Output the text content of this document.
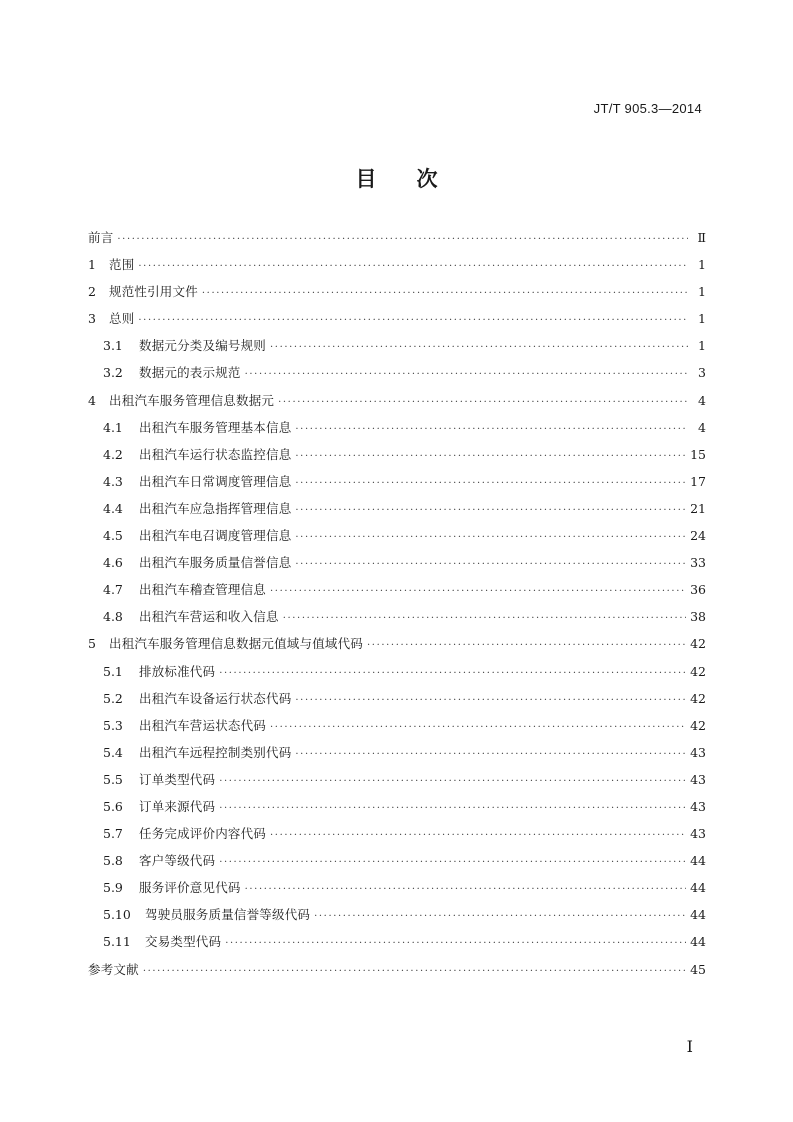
JT/T 905.3—2014
目次
前言 ·····	Ⅱ
1	范围 ·····	1
2	规范性引用文件 ·····	1
3	总则 ·····	1
3.1	数据元分类及编号规则 ·····	1
3.2	数据元的表示规范 ·····	3
4	出租汽车服务管理信息数据元 ·····	4
4.1	出租汽车服务管理基本信息 ·····	4
4.2	出租汽车运行状态监控信息 ·····	15
4.3	出租汽车日常调度管理信息 ·····	17
4.4	出租汽车应急指挥管理信息 ·····	21
4.5	出租汽车电召调度管理信息 ·····	24
4.6	出租汽车服务质量信誉信息 ·····	33
4.7	出租汽车稽查管理信息 ·····	36
4.8	出租汽车营运和收入信息 ·····	38
5	出租汽车服务管理信息数据元值域与值域代码 ·····	42
5.1	排放标准代码 ·····	42
5.2	出租汽车设备运行状态代码 ·····	42
5.3	出租汽车营运状态代码 ·····	42
5.4	出租汽车远程控制类别代码 ·····	43
5.5	订单类型代码 ·····	43
5.6	订单来源代码 ·····	43
5.7	任务完成评价内容代码 ·····	43
5.8	客户等级代码 ·····	44
5.9	服务评价意见代码 ·····	44
5.10	驾驶员服务质量信誉等级代码 ·····	44
5.11	交易类型代码 ·····	44
参考文献 ·····	45
I
